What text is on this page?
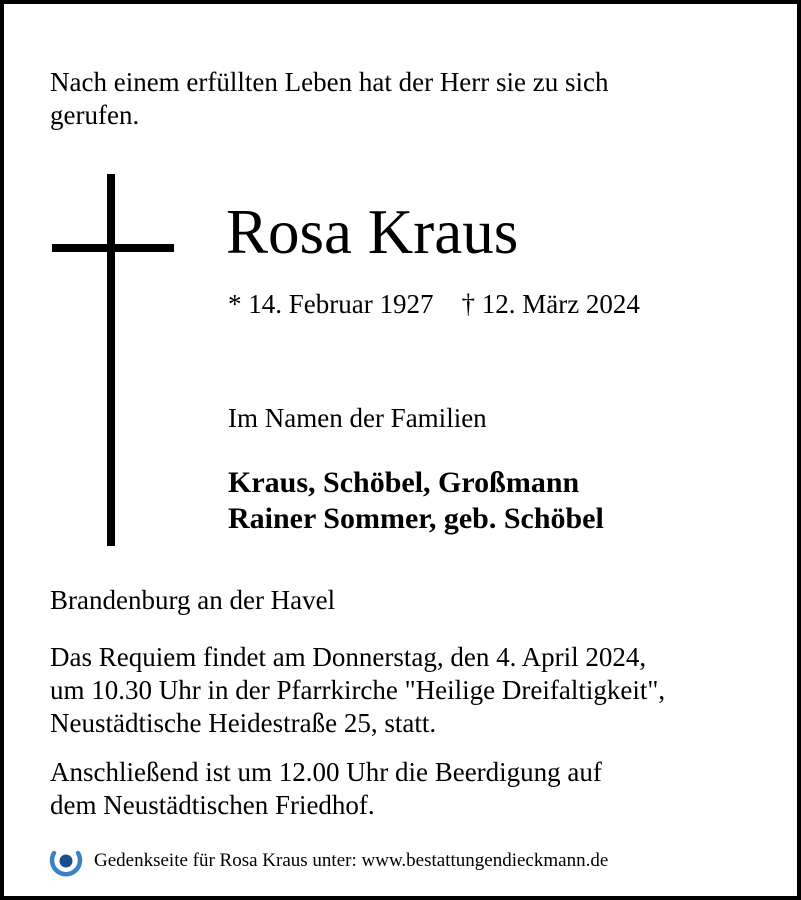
Nach einem erfüllten Leben hat der Herr sie zu sich
gerufen.

Rosa Kraus

* 14. Februar 1927 † 12. März 2024

Im Namen der Familien

Kraus, Schöbel, Großmann
Rainer Sommer, geb. Schöbel

Brandenburg an der Havel

Das Requiem findet am Donnerstag, den 4. April 2024,
um 10.30 Uhr in der Pfarrkirche "Heilige Dreifaltigkeit",
Neustädtische Heidestraße 25, statt.

Anschließend ist um 12.00 Uhr die Beerdigung auf
dem Neustädtischen Friedhof.

Gedenkseite für Rosa Kraus unter: www.bestattungendieckmann.de
